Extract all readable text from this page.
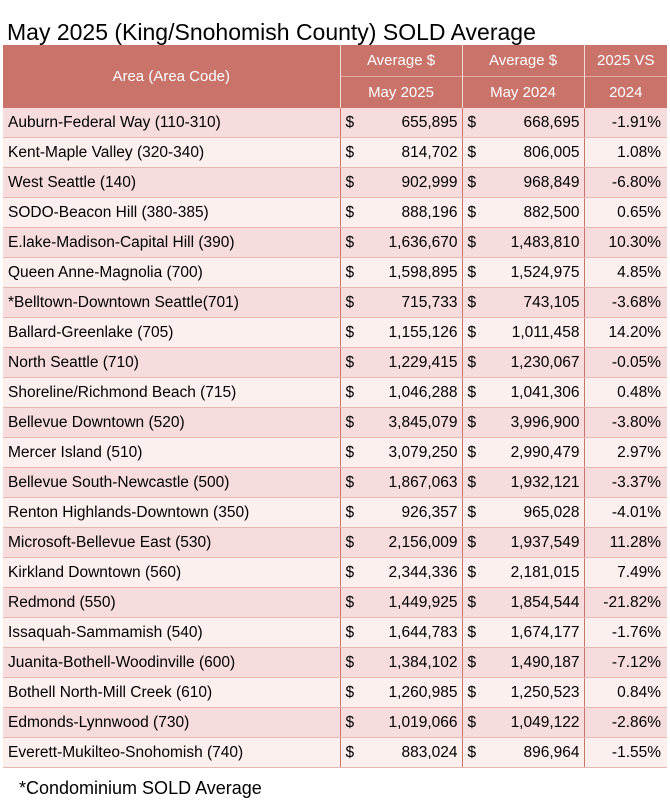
May 2025 (King/Snohomish County) SOLD Average
Area (Area Code)	Average $		Average $		2025 VS
	May 2025		May 2024		2024
Auburn-Federal Way (110-310)	$	655,895	$	668,695	-1.91%
Kent-Maple Valley (320-340)	$	814,702	$	806,005	1.08%
West Seattle (140)	$	902,999	$	968,849	-6.80%
SODO-Beacon Hill (380-385)	$	888,196	$	882,500	0.65%
E.lake-Madison-Capital Hill (390)	$	1,636,670	$	1,483,810	10.30%
Queen Anne-Magnolia (700)	$	1,598,895	$	1,524,975	4.85%
*Belltown-Downtown Seattle(701)	$	715,733	$	743,105	-3.68%
Ballard-Greenlake (705)	$	1,155,126	$	1,011,458	14.20%
North Seattle (710)	$	1,229,415	$	1,230,067	-0.05%
Shoreline/Richmond Beach (715)	$	1,046,288	$	1,041,306	0.48%
Bellevue Downtown (520)	$	3,845,079	$	3,996,900	-3.80%
Mercer Island (510)	$	3,079,250	$	2,990,479	2.97%
Bellevue South-Newcastle (500)	$	1,867,063	$	1,932,121	-3.37%
Renton Highlands-Downtown (350)	$	926,357	$	965,028	-4.01%
Microsoft-Bellevue East (530)	$	2,156,009	$	1,937,549	11.28%
Kirkland Downtown (560)	$	2,344,336	$	2,181,015	7.49%
Redmond (550)	$	1,449,925	$	1,854,544	-21.82%
Issaquah-Sammamish (540)	$	1,644,783	$	1,674,177	-1.76%
Juanita-Bothell-Woodinville (600)	$	1,384,102	$	1,490,187	-7.12%
Bothell North-Mill Creek (610)	$	1,260,985	$	1,250,523	0.84%
Edmonds-Lynnwood (730)	$	1,019,066	$	1,049,122	-2.86%
Everett-Mukilteo-Snohomish (740)	$	883,024	$	896,964	-1.55%
*Condominium SOLD Average
